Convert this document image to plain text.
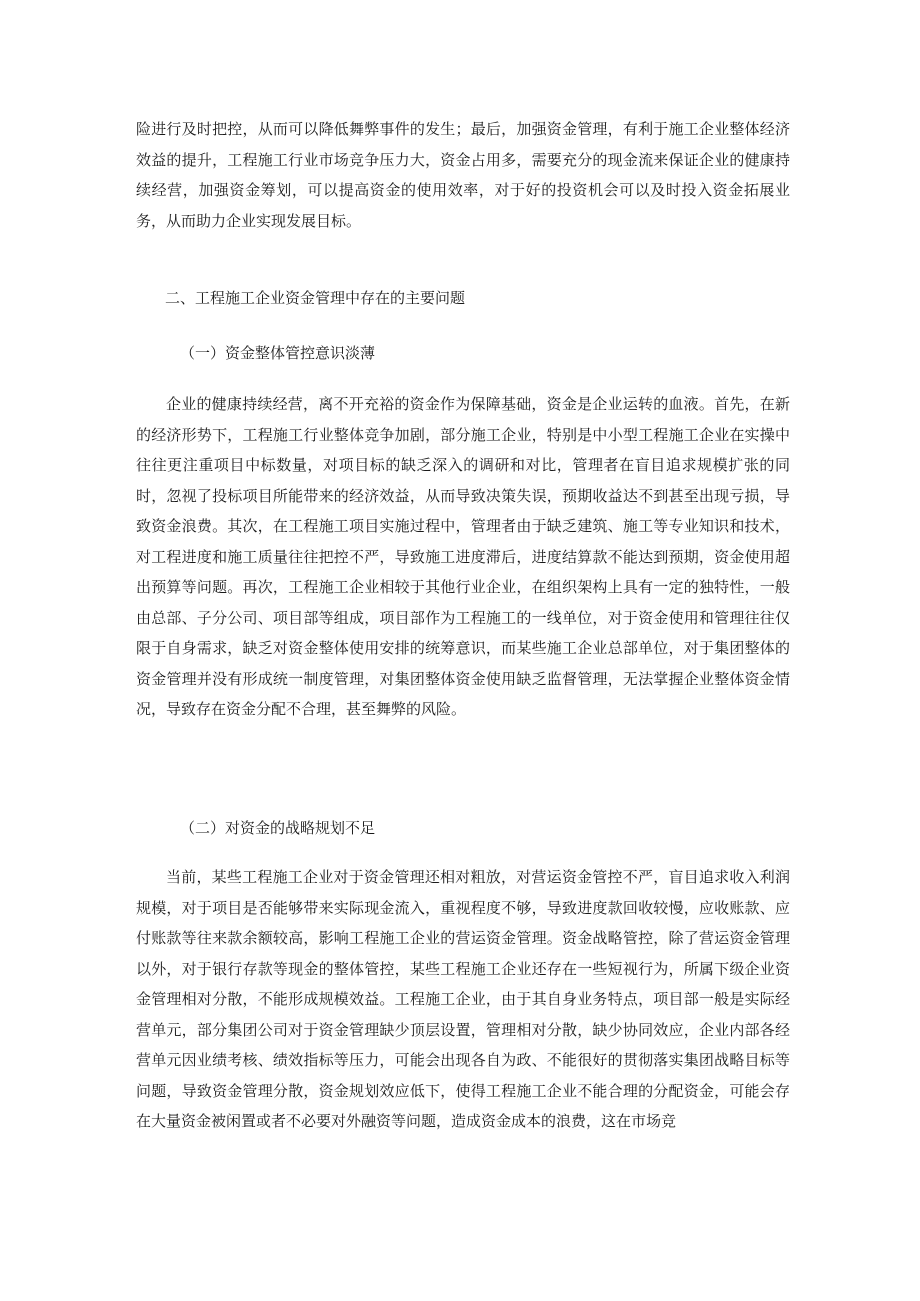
险进行及时把控，从而可以降低舞弊事件的发生；最后，加强资金管理，有利于施工企业整体经济效益的提升，工程施工行业市场竞争压力大，资金占用多，需要充分的现金流来保证企业的健康持续经营，加强资金筹划，可以提高资金的使用效率，对于好的投资机会可以及时投入资金拓展业务，从而助力企业实现发展目标。

二、工程施工企业资金管理中存在的主要问题

（一）资金整体管控意识淡薄

企业的健康持续经营，离不开充裕的资金作为保障基础，资金是企业运转的血液。首先，在新的经济形势下，工程施工行业整体竞争加剧，部分施工企业，特别是中小型工程施工企业在实操中往往更注重项目中标数量，对项目标的缺乏深入的调研和对比，管理者在盲目追求规模扩张的同时，忽视了投标项目所能带来的经济效益，从而导致决策失误，预期收益达不到甚至出现亏损，导致资金浪费。其次，在工程施工项目实施过程中，管理者由于缺乏建筑、施工等专业知识和技术，对工程进度和施工质量往往把控不严，导致施工进度滞后，进度结算款不能达到预期，资金使用超出预算等问题。再次，工程施工企业相较于其他行业企业，在组织架构上具有一定的独特性，一般由总部、子分公司、项目部等组成，项目部作为工程施工的一线单位，对于资金使用和管理往往仅限于自身需求，缺乏对资金整体使用安排的统筹意识，而某些施工企业总部单位，对于集团整体的资金管理并没有形成统一制度管理，对集团整体资金使用缺乏监督管理，无法掌握企业整体资金情况，导致存在资金分配不合理，甚至舞弊的风险。

（二）对资金的战略规划不足

当前，某些工程施工企业对于资金管理还相对粗放，对营运资金管控不严，盲目追求收入利润规模，对于项目是否能够带来实际现金流入，重视程度不够，导致进度款回收较慢，应收账款、应付账款等往来款余额较高，影响工程施工企业的营运资金管理。资金战略管控，除了营运资金管理以外，对于银行存款等现金的整体管控，某些工程施工企业还存在一些短视行为，所属下级企业资金管理相对分散，不能形成规模效益。工程施工企业，由于其自身业务特点，项目部一般是实际经营单元，部分集团公司对于资金管理缺少顶层设置，管理相对分散，缺少协同效应，企业内部各经营单元因业绩考核、绩效指标等压力，可能会出现各自为政、不能很好的贯彻落实集团战略目标等问题，导致资金管理分散，资金规划效应低下，使得工程施工企业不能合理的分配资金，可能会存在大量资金被闲置或者不必要对外融资等问题，造成资金成本的浪费，这在市场竞
